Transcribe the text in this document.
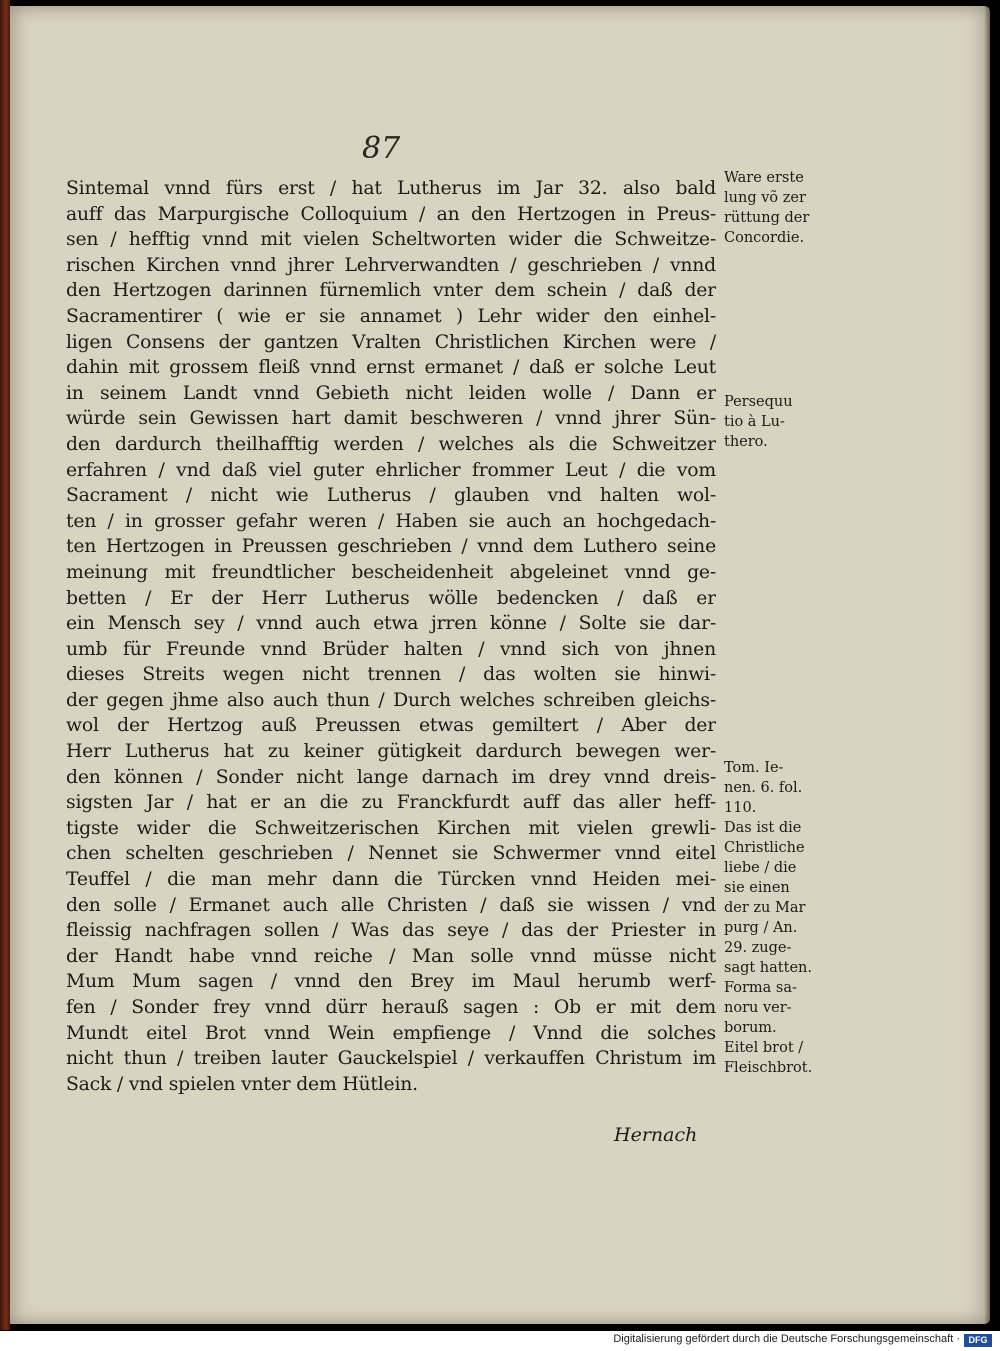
87
Sintemal vnnd fürs erst / hat Lutherus im Jar 32. also bald
auff das Marpurgische Colloquium / an den Hertzogen in Preus-
sen / hefftig vnnd mit vielen Scheltworten wider die Schweitze-
rischen Kirchen vnnd jhrer Lehrverwandten / geschrieben / vnnd
den Hertzogen darinnen fürnemlich vnter dem schein / daß der
Sacramentirer ( wie er sie annamet ) Lehr wider den einhel-
ligen Consens der gantzen Vralten Christlichen Kirchen were /
dahin mit grossem fleiß vnnd ernst ermanet / daß er solche Leut
in seinem Landt vnnd Gebieth nicht leiden wolle / Dann er
würde sein Gewissen hart damit beschweren / vnnd jhrer Sün-
den dardurch theilhafftig werden / welches als die Schweitzer
erfahren / vnd daß viel guter ehrlicher frommer Leut / die vom
Sacrament / nicht wie Lutherus / glauben vnd halten wol-
ten / in grosser gefahr weren / Haben sie auch an hochgedach-
ten Hertzogen in Preussen geschrieben / vnnd dem Luthero seine
meinung mit freundtlicher bescheidenheit abgeleinet vnnd ge-
betten / Er der Herr Lutherus wölle bedencken / daß er
ein Mensch sey / vnnd auch etwa jrren könne / Solte sie dar-
umb für Freunde vnnd Brüder halten / vnnd sich von jhnen
dieses Streits wegen nicht trennen / das wolten sie hinwi-
der gegen jhme also auch thun / Durch welches schreiben gleichs-
wol der Hertzog auß Preussen etwas gemiltert / Aber der
Herr Lutherus hat zu keiner gütigkeit dardurch bewegen wer-
den können / Sonder nicht lange darnach im drey vnnd dreis-
sigsten Jar / hat er an die zu Franckfurdt auff das aller heff-
tigste wider die Schweitzerischen Kirchen mit vielen grewli-
chen schelten geschrieben / Nennet sie Schwermer vnnd eitel
Teuffel / die man mehr dann die Türcken vnnd Heiden mei-
den solle / Ermanet auch alle Christen / daß sie wissen / vnd
fleissig nachfragen sollen / Was das seye / das der Priester in
der Handt habe vnnd reiche / Man solle vnnd müsse nicht
Mum Mum sagen / vnnd den Brey im Maul herumb werf-
fen / Sonder frey vnnd dürr herauß sagen : Ob er mit dem
Mundt eitel Brot vnnd Wein empfienge / Vnnd die solches
nicht thun / treiben lauter Gauckelspiel / verkauffen Christum im
Sack / vnd spielen vnter dem Hütlein.
Ware erste
lung võ zer
rüttung der
Concordie.
Persequu
tio à Lu-
thero.
Tom. Ie-
nen. 6. fol.
110.
Das ist die
Christliche
liebe / die
sie einen
der zu Mar
purg / An.
29. zuge-
sagt hatten.
Forma sa-
noru ver-
borum.
Eitel brot /
Fleischbrot.
Hernach
Digitalisierung gefördert durch die Deutsche Forschungsgemeinschaft · DFG
